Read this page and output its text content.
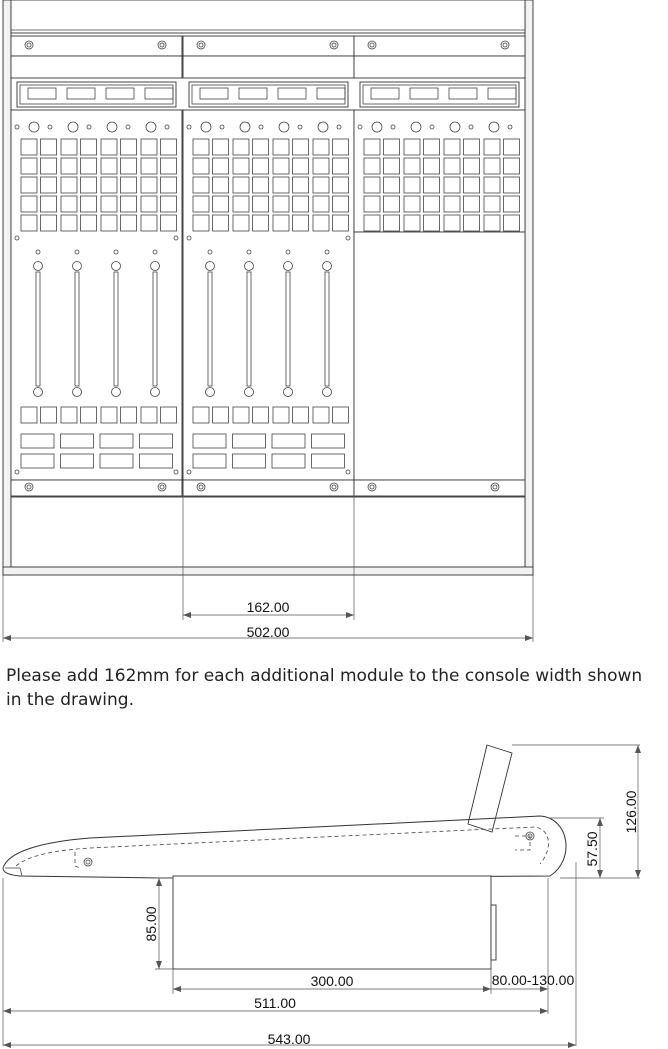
162.00
502.00
126.00
57.50
85.00
300.00	80.00-130.00
511.00
543.00

Please add 162mm for each additional module to the console width shown in the drawing.
